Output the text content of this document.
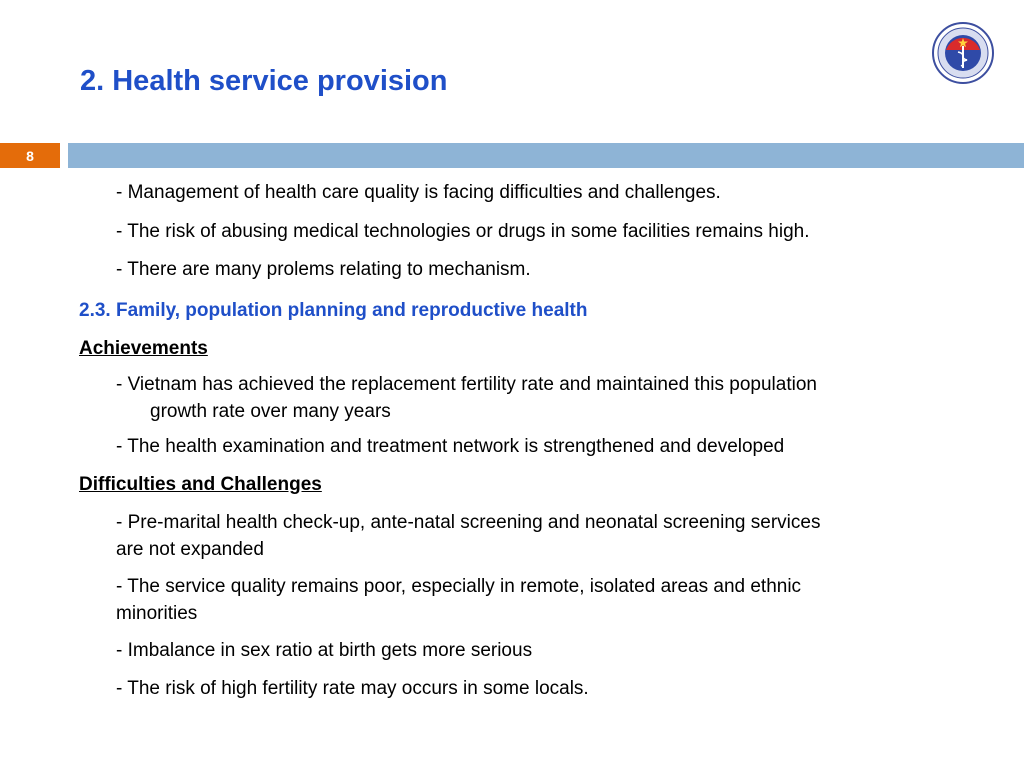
2. Health service provision
8
- Management of health care quality is facing difficulties and challenges.
- The risk of abusing medical technologies or drugs in some facilities remains high.
- There are many prolems relating to mechanism.
2.3. Family, population planning and reproductive health
Achievements
- Vietnam has achieved the replacement fertility rate and maintained this population
growth rate over many years
- The health examination and treatment network is strengthened and developed
Difficulties and Challenges
- Pre-marital health check-up, ante-natal screening and neonatal screening services
are not expanded
- The service quality remains poor, especially in remote, isolated areas and ethnic
minorities
- Imbalance in sex ratio at birth gets more serious
- The risk of high fertility rate may occurs in some locals.
